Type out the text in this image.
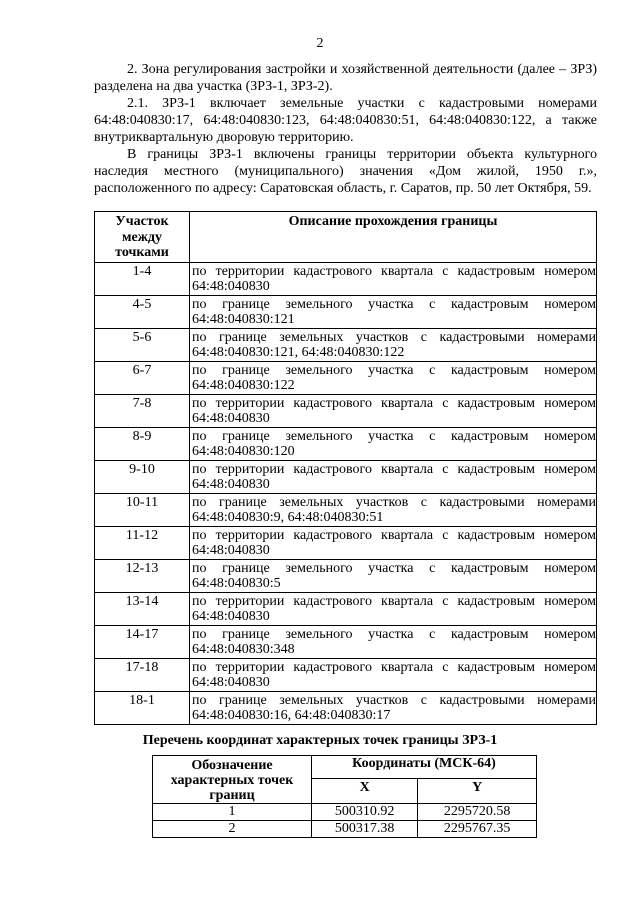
2

2. Зона регулирования застройки и хозяйственной деятельности (далее – ЗРЗ) разделена на два участка (ЗРЗ-1, ЗРЗ-2).

2.1. ЗРЗ-1 включает земельные участки с кадастровыми номерами 64:48:040830:17, 64:48:040830:123, 64:48:040830:51, 64:48:040830:122, а также внутриквартальную дворовую территорию.

В границы ЗРЗ-1 включены границы территории объекта культурного наследия местного (муниципального) значения «Дом жилой, 1950 г.», расположенного по адресу: Саратовская область, г. Саратов, пр. 50 лет Октября, 59.

Участок
между
точками	Описание прохождения границы
1-4	по территории кадастрового квартала с кадастровым номером
64:48:040830

4-5	по границе земельного участка с кадастровым номером
64:48:040830:121

5-6	по границе земельных участков с кадастровыми номерами
64:48:040830:121, 64:48:040830:122

6-7	по границе земельного участка с кадастровым номером
64:48:040830:122

7-8	по территории кадастрового квартала с кадастровым номером
64:48:040830

8-9	по границе земельного участка с кадастровым номером
64:48:040830:120

9-10	по территории кадастрового квартала с кадастровым номером
64:48:040830

10-11	по границе земельных участков с кадастровыми номерами
64:48:040830:9, 64:48:040830:51

11-12	по территории кадастрового квартала с кадастровым номером
64:48:040830

12-13	по границе земельного участка с кадастровым номером
64:48:040830:5

13-14	по территории кадастрового квартала с кадастровым номером
64:48:040830

14-17	по границе земельного участка с кадастровым номером
64:48:040830:348

17-18	по территории кадастрового квартала с кадастровым номером
64:48:040830

18-1	по границе земельных участков с кадастровыми номерами
64:48:040830:16, 64:48:040830:17
Перечень координат характерных точек границы ЗРЗ-1
Обозначение
характерных точек
границ	Координаты (МСК-64)	
	X	Y
1	500310.92	2295720.58
2	500317.38	2295767.35
